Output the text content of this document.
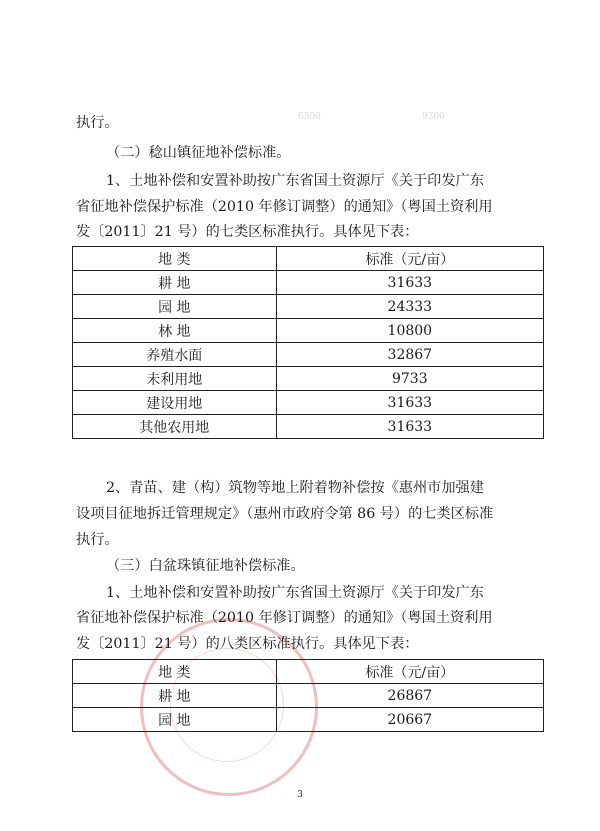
6500	9300
执行。
（二）稔山镇征地补偿标准。
1、土地补偿和安置补助按广东省国土资源厅《关于印发广东
省征地补偿保护标准（2010 年修订调整）的通知》（粤国土资利用
发〔2011〕21 号）的七类区标准执行。具体见下表：
地 类	标准（元/亩）
耕 地	31633
园 地	24333
林 地	10800
养殖水面	32867
未利用地	9733
建设用地	31633
其他农用地	31633
2、青苗、建（构）筑物等地上附着物补偿按《惠州市加强建
设项目征地拆迁管理规定》（惠州市政府令第 86 号）的七类区标准
执行。
（三）白盆珠镇征地补偿标准。
1、土地补偿和安置补助按广东省国土资源厅《关于印发广东
省征地补偿保护标准（2010 年修订调整）的通知》（粤国土资利用
发〔2011〕21 号）的八类区标准执行。具体见下表：
地 类	标准（元/亩）
耕 地	26867
园 地	20667
3
